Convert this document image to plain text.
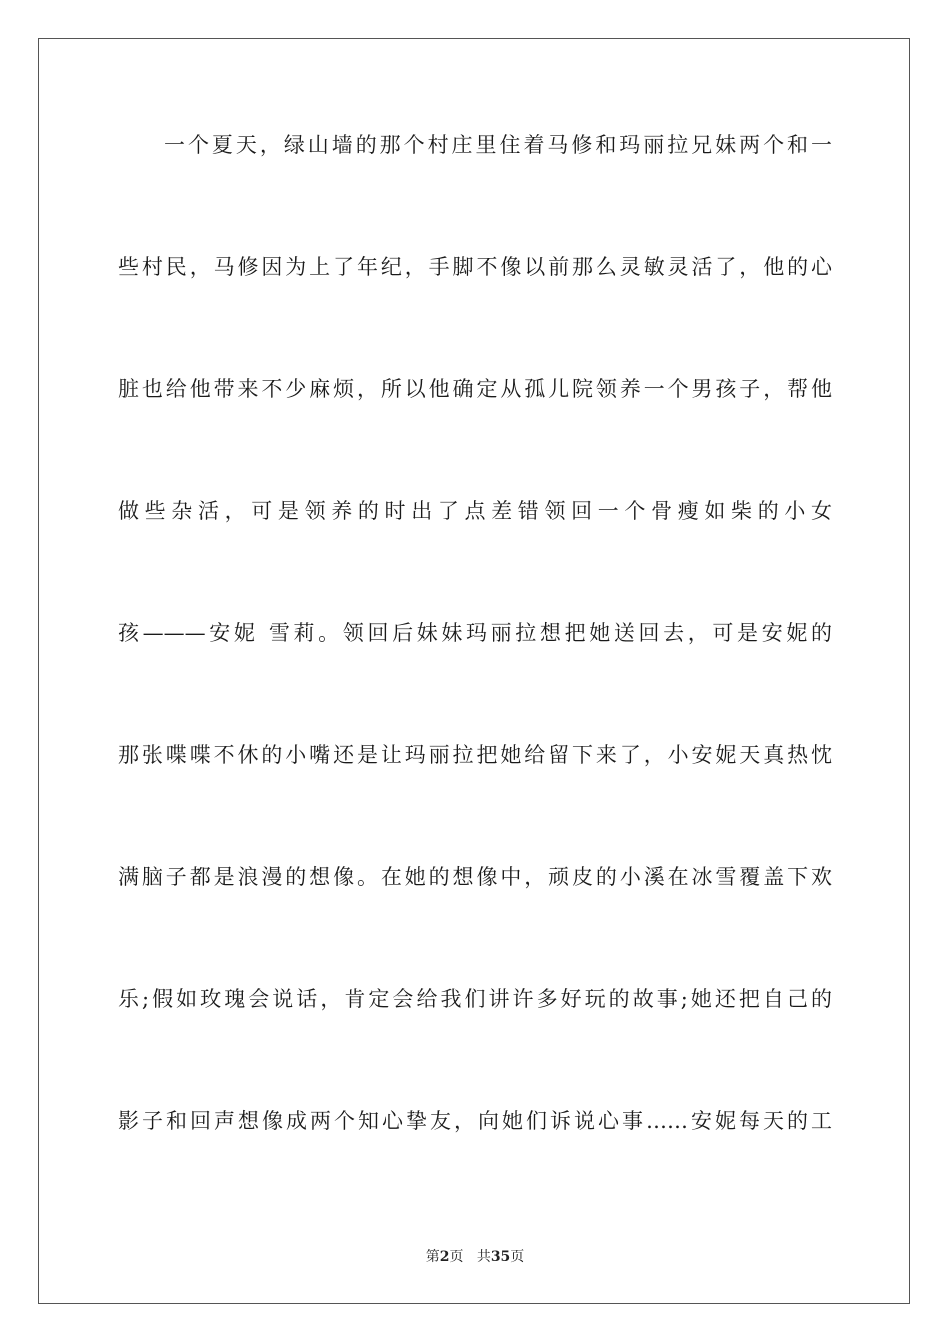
一个夏天，绿山墙的那个村庄里住着马修和玛丽拉兄妹两个和一
些村民，马修因为上了年纪，手脚不像以前那么灵敏灵活了，他的心
脏也给他带来不少麻烦，所以他确定从孤儿院领养一个男孩子，帮他
做些杂活，可是领养的时出了点差错领回一个骨瘦如柴的小女
孩———安妮 雪莉。领回后妹妹玛丽拉想把她送回去，可是安妮的
那张喋喋不休的小嘴还是让玛丽拉把她给留下来了，小安妮天真热忱
满脑子都是浪漫的想像。在她的想像中，顽皮的小溪在冰雪覆盖下欢
乐;假如玫瑰会说话，肯定会给我们讲许多好玩的故事;她还把自己的
影子和回声想像成两个知心挚友，向她们诉说心事……安妮每天的工
第2页 共35页
